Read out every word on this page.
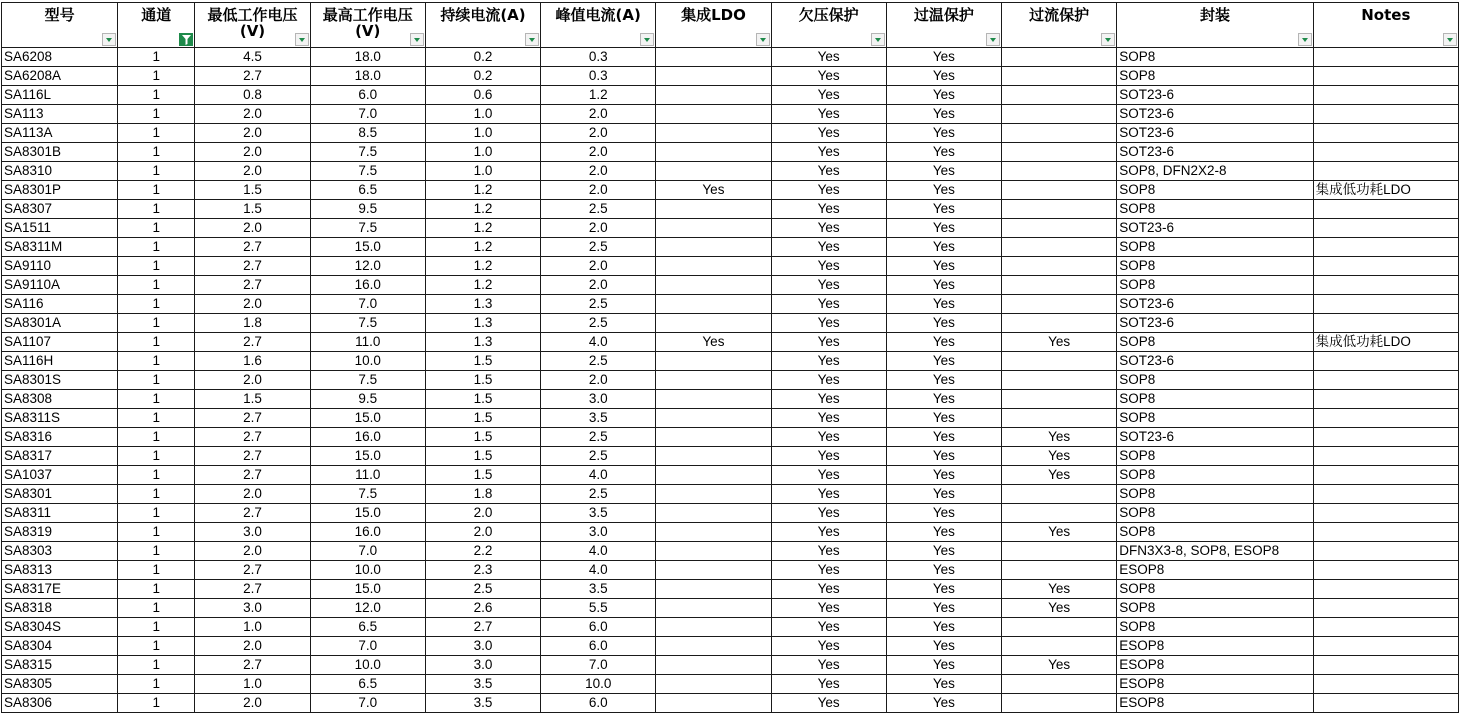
型号	通道	最低工作电压 (V)	最高工作电压 (V)	持续电流(A)	峰值电流(A)	集成LDO	欠压保护	过温保护	过流保护	封装	Notes

SA6208	1	4.5	18.0	0.2	0.3		Yes	Yes		SOP8	
SA6208A	1	2.7	18.0	0.2	0.3		Yes	Yes		SOP8	
SA116L	1	0.8	6.0	0.6	1.2		Yes	Yes		SOT23-6	
SA113	1	2.0	7.0	1.0	2.0		Yes	Yes		SOT23-6	
SA113A	1	2.0	8.5	1.0	2.0		Yes	Yes		SOT23-6	
SA8301B	1	2.0	7.5	1.0	2.0		Yes	Yes		SOT23-6	
SA8310	1	2.0	7.5	1.0	2.0		Yes	Yes		SOP8, DFN2X2-8	
SA8301P	1	1.5	6.5	1.2	2.0	Yes	Yes	Yes		SOP8	集成低功耗LDO
SA8307	1	1.5	9.5	1.2	2.5		Yes	Yes		SOP8	
SA1511	1	2.0	7.5	1.2	2.0		Yes	Yes		SOT23-6	
SA8311M	1	2.7	15.0	1.2	2.5		Yes	Yes		SOP8	
SA9110	1	2.7	12.0	1.2	2.0		Yes	Yes		SOP8	
SA9110A	1	2.7	16.0	1.2	2.0		Yes	Yes		SOP8	
SA116	1	2.0	7.0	1.3	2.5		Yes	Yes		SOT23-6	
SA8301A	1	1.8	7.5	1.3	2.5		Yes	Yes		SOT23-6	
SA1107	1	2.7	11.0	1.3	4.0	Yes	Yes	Yes	Yes	SOP8	集成低功耗LDO
SA116H	1	1.6	10.0	1.5	2.5		Yes	Yes		SOT23-6	
SA8301S	1	2.0	7.5	1.5	2.0		Yes	Yes		SOP8	
SA8308	1	1.5	9.5	1.5	3.0		Yes	Yes		SOP8	
SA8311S	1	2.7	15.0	1.5	3.5		Yes	Yes		SOP8	
SA8316	1	2.7	16.0	1.5	2.5		Yes	Yes	Yes	SOT23-6	
SA8317	1	2.7	15.0	1.5	2.5		Yes	Yes	Yes	SOP8	
SA1037	1	2.7	11.0	1.5	4.0		Yes	Yes	Yes	SOP8	
SA8301	1	2.0	7.5	1.8	2.5		Yes	Yes		SOP8	
SA8311	1	2.7	15.0	2.0	3.5		Yes	Yes		SOP8	
SA8319	1	3.0	16.0	2.0	3.0		Yes	Yes	Yes	SOP8	
SA8303	1	2.0	7.0	2.2	4.0		Yes	Yes		DFN3X3-8, SOP8, ESOP8	
SA8313	1	2.7	10.0	2.3	4.0		Yes	Yes		ESOP8	
SA8317E	1	2.7	15.0	2.5	3.5		Yes	Yes	Yes	SOP8	
SA8318	1	3.0	12.0	2.6	5.5		Yes	Yes	Yes	SOP8	
SA8304S	1	1.0	6.5	2.7	6.0		Yes	Yes		SOP8	
SA8304	1	2.0	7.0	3.0	6.0		Yes	Yes		ESOP8	
SA8315	1	2.7	10.0	3.0	7.0		Yes	Yes	Yes	ESOP8	
SA8305	1	1.0	6.5	3.5	10.0		Yes	Yes		ESOP8	
SA8306	1	2.0	7.0	3.5	6.0		Yes	Yes		ESOP8	
